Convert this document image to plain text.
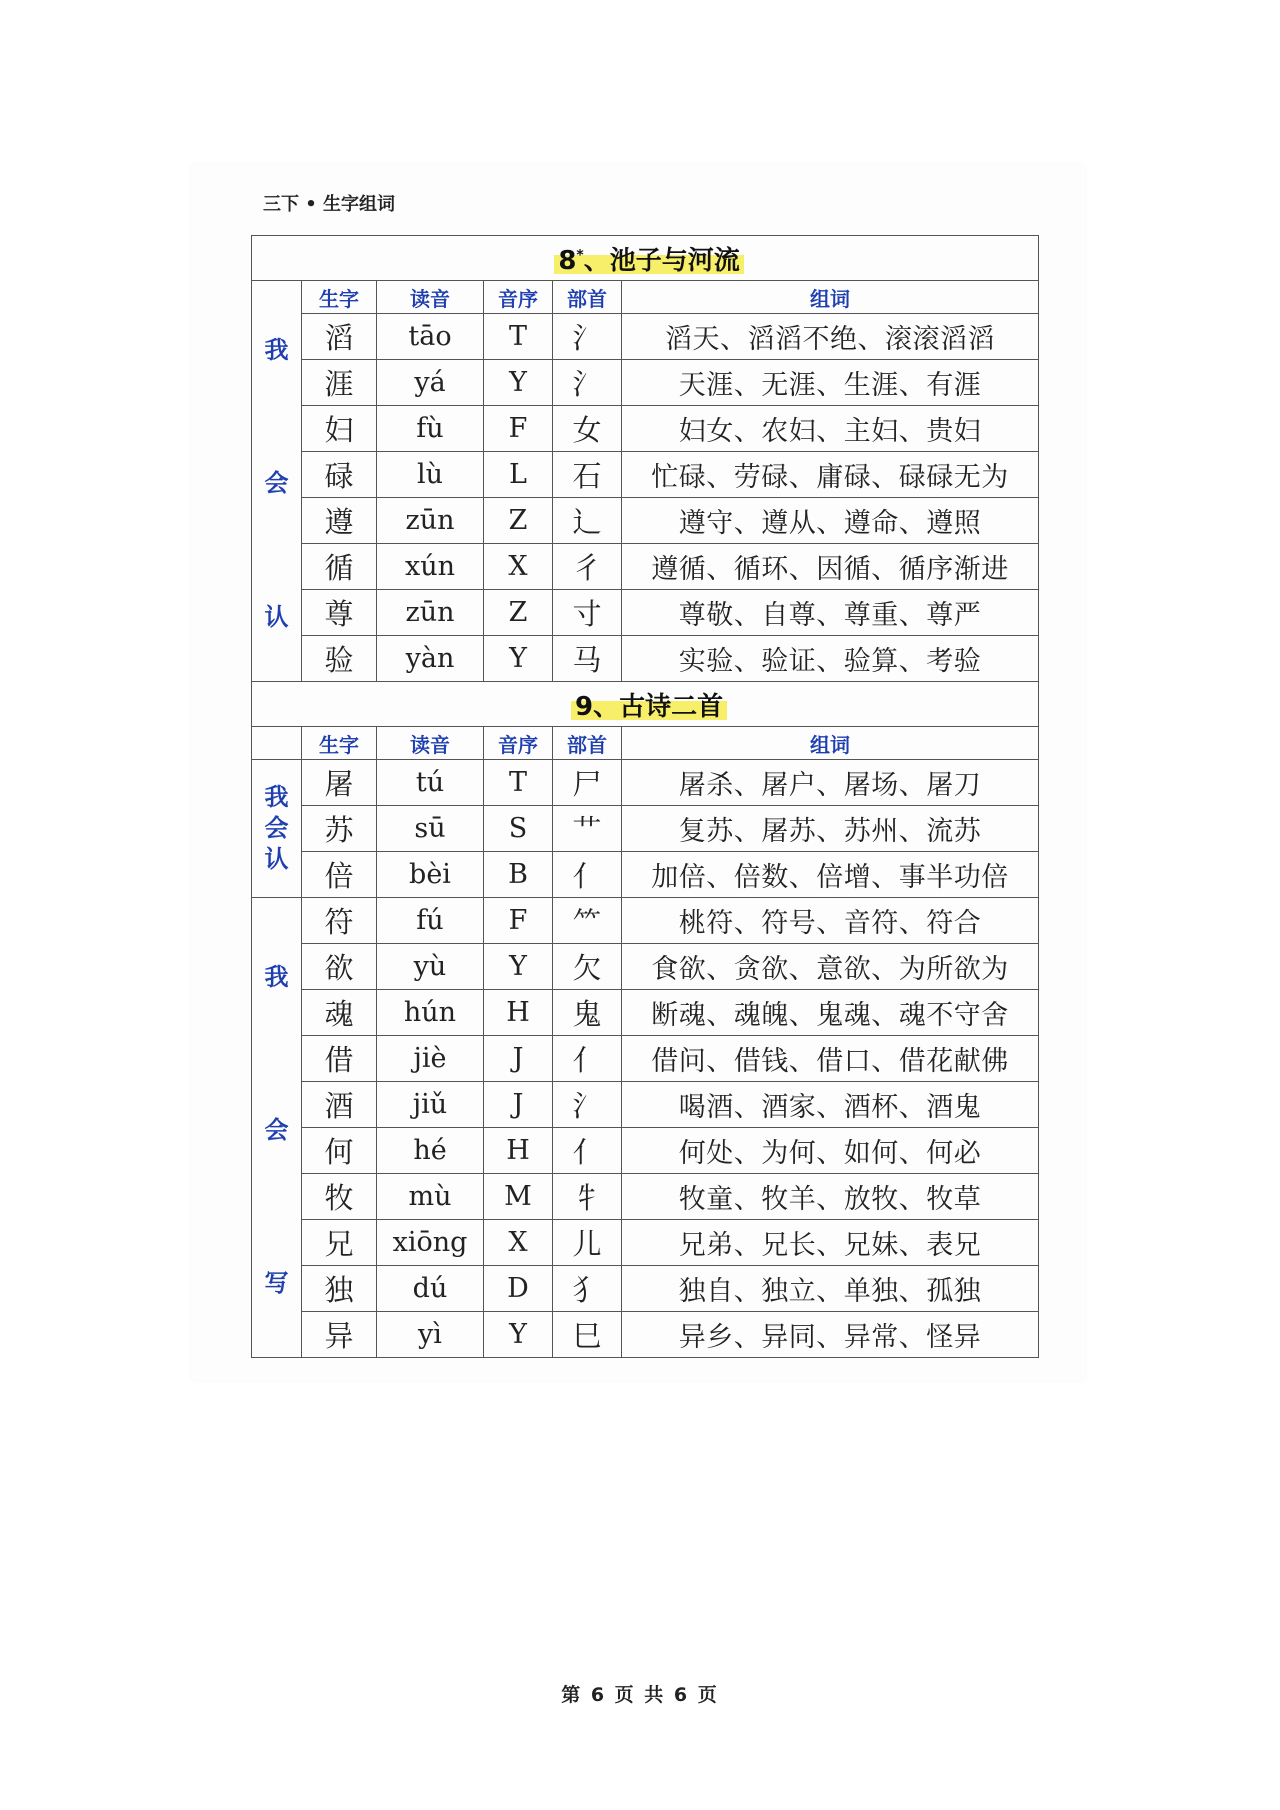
三下 • 生字组词
8*、池子与河流					

我
会
认	生字	读音	音序	部首	组词
	滔	tāo	T	氵	滔天、滔滔不绝、滚滚滔滔
	涯	yá	Y	氵	天涯、无涯、生涯、有涯
	妇	fù	F	女	妇女、农妇、主妇、贵妇
	碌	lù	L	石	忙碌、劳碌、庸碌、碌碌无为
	遵	zūn	Z	辶	遵守、遵从、遵命、遵照
	循	xún	X	彳	遵循、循环、因循、循序渐进
	尊	zūn	Z	寸	尊敬、自尊、尊重、尊严
	验	yàn	Y	马	实验、验证、验算、考验
9、古诗二首					
	生字	读音	音序	部首	组词

我
会
认	屠	tú	T	尸	屠杀、屠户、屠场、屠刀
	苏	sū	S	艹	复苏、屠苏、苏州、流苏
	倍	bèi	B	亻	加倍、倍数、倍增、事半功倍

我
会
写	符	fú	F	⺮	桃符、符号、音符、符合
	欲	yù	Y	欠	食欲、贪欲、意欲、为所欲为
	魂	hún	H	鬼	断魂、魂魄、鬼魂、魂不守舍
	借	jiè	J	亻	借问、借钱、借口、借花献佛
	酒	jiǔ	J	氵	喝酒、酒家、酒杯、酒鬼
	何	hé	H	亻	何处、为何、如何、何必
	牧	mù	M	牜	牧童、牧羊、放牧、牧草
	兄	xiōng	X	儿	兄弟、兄长、兄妹、表兄
	独	dú	D	犭	独自、独立、单独、孤独
	异	yì	Y	巳	异乡、异同、异常、怪异
第 6 页 共 6 页
